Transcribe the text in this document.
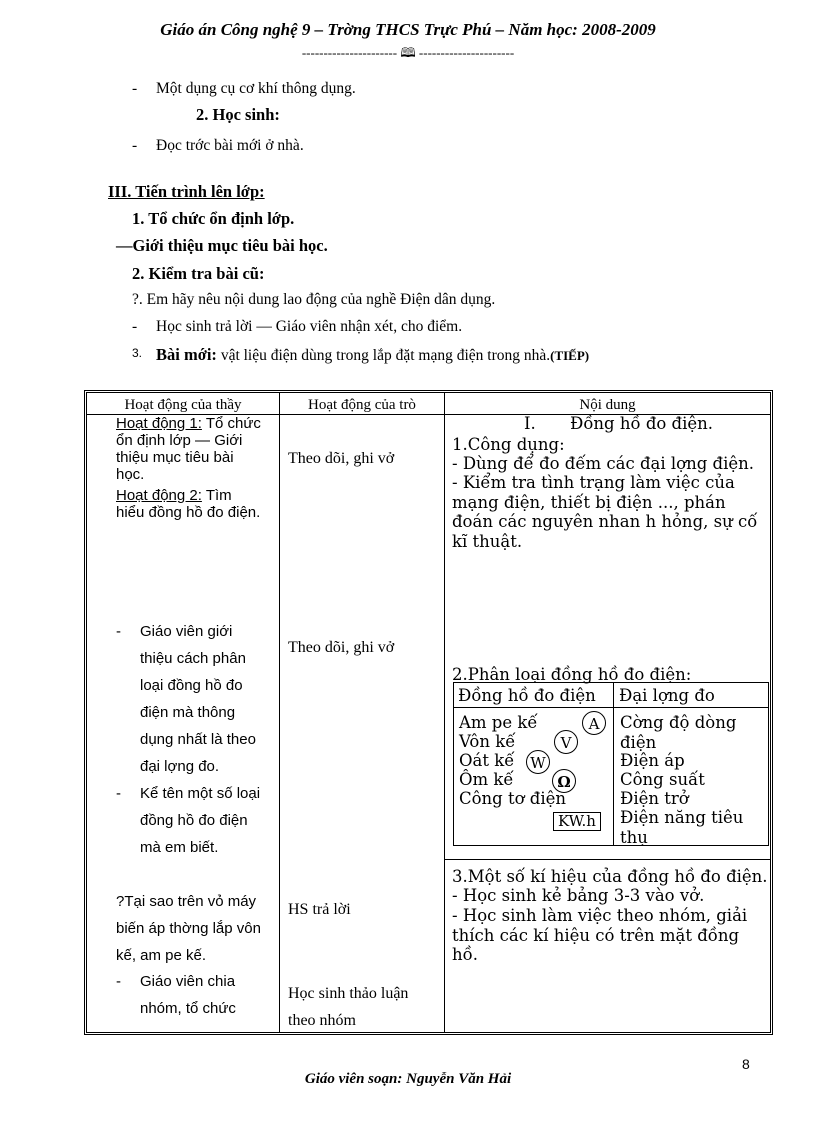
Giáo án Công nghệ 9 – Trờng THCS Trực Phú – Năm học: 2008-2009
---------------------- 🕮 ----------------------
- Một dụng cụ cơ khí thông dụng.
2. Học sinh:
- Đọc trớc bài mới ở nhà.
III. Tiến trình lên lớp:
1. Tổ chức ổn định lớp.
—Giới thiệu mục tiêu bài học.
2. Kiểm tra bài cũ:
?. Em hãy nêu nội dung lao động của nghề Điện dân dụng.
- Học sinh trả lời — Giáo viên nhận xét, cho điểm.
3. Bài mới: vật liệu điện dùng trong lắp đặt mạng điện trong nhà.(TIẾP)
Hoạt động của thầy	Hoạt động của trò	Nội dung
Hoạt động 1: Tổ chức ổn định lớp — Giới thiệu mục tiêu bài học.
Hoạt động 2: Tìm hiểu đồng hồ đo điện.
- Giáo viên giới thiệu cách phân loại đồng hồ đo điện mà thông dụng nhất là theo đại lợng đo.
- Kể tên một số loại đồng hồ đo điện mà em biết.
?Tại sao trên vỏ máy biến áp thờng lắp vôn kế, am pe kế.
- Giáo viên chia nhóm, tổ chức
Theo dõi, ghi vở
Theo dõi, ghi vở
HS trả lời
Học sinh thảo luận theo nhóm
I. Đồng hồ đo điện.
1.Công dụng:
- Dùng để đo đếm các đại lợng điện.
- Kiểm tra tình trạng làm việc của mạng điện, thiết bị điện ..., phán đoán các nguyên nhan h hỏng, sự cố kĩ thuật.
2.Phân loại đồng hồ đo điện:
Đồng hồ đo điện Đại lợng đo
Am pe kế
Vôn kế
Oát kế
Ôm kế
Công tơ điện
A
V
W
Ω
KW.h
Cờng độ dòng điện
Điện áp
Công suất
Điện trở
Điện năng tiêu thụ
3.Một số kí hiệu của đồng hồ đo điện.
- Học sinh kẻ bảng 3-3 vào vở.
- Học sinh làm việc theo nhóm, giải thích các kí hiệu có trên mặt đồng hồ.
8
Giáo viên soạn: Nguyễn Văn Hải
